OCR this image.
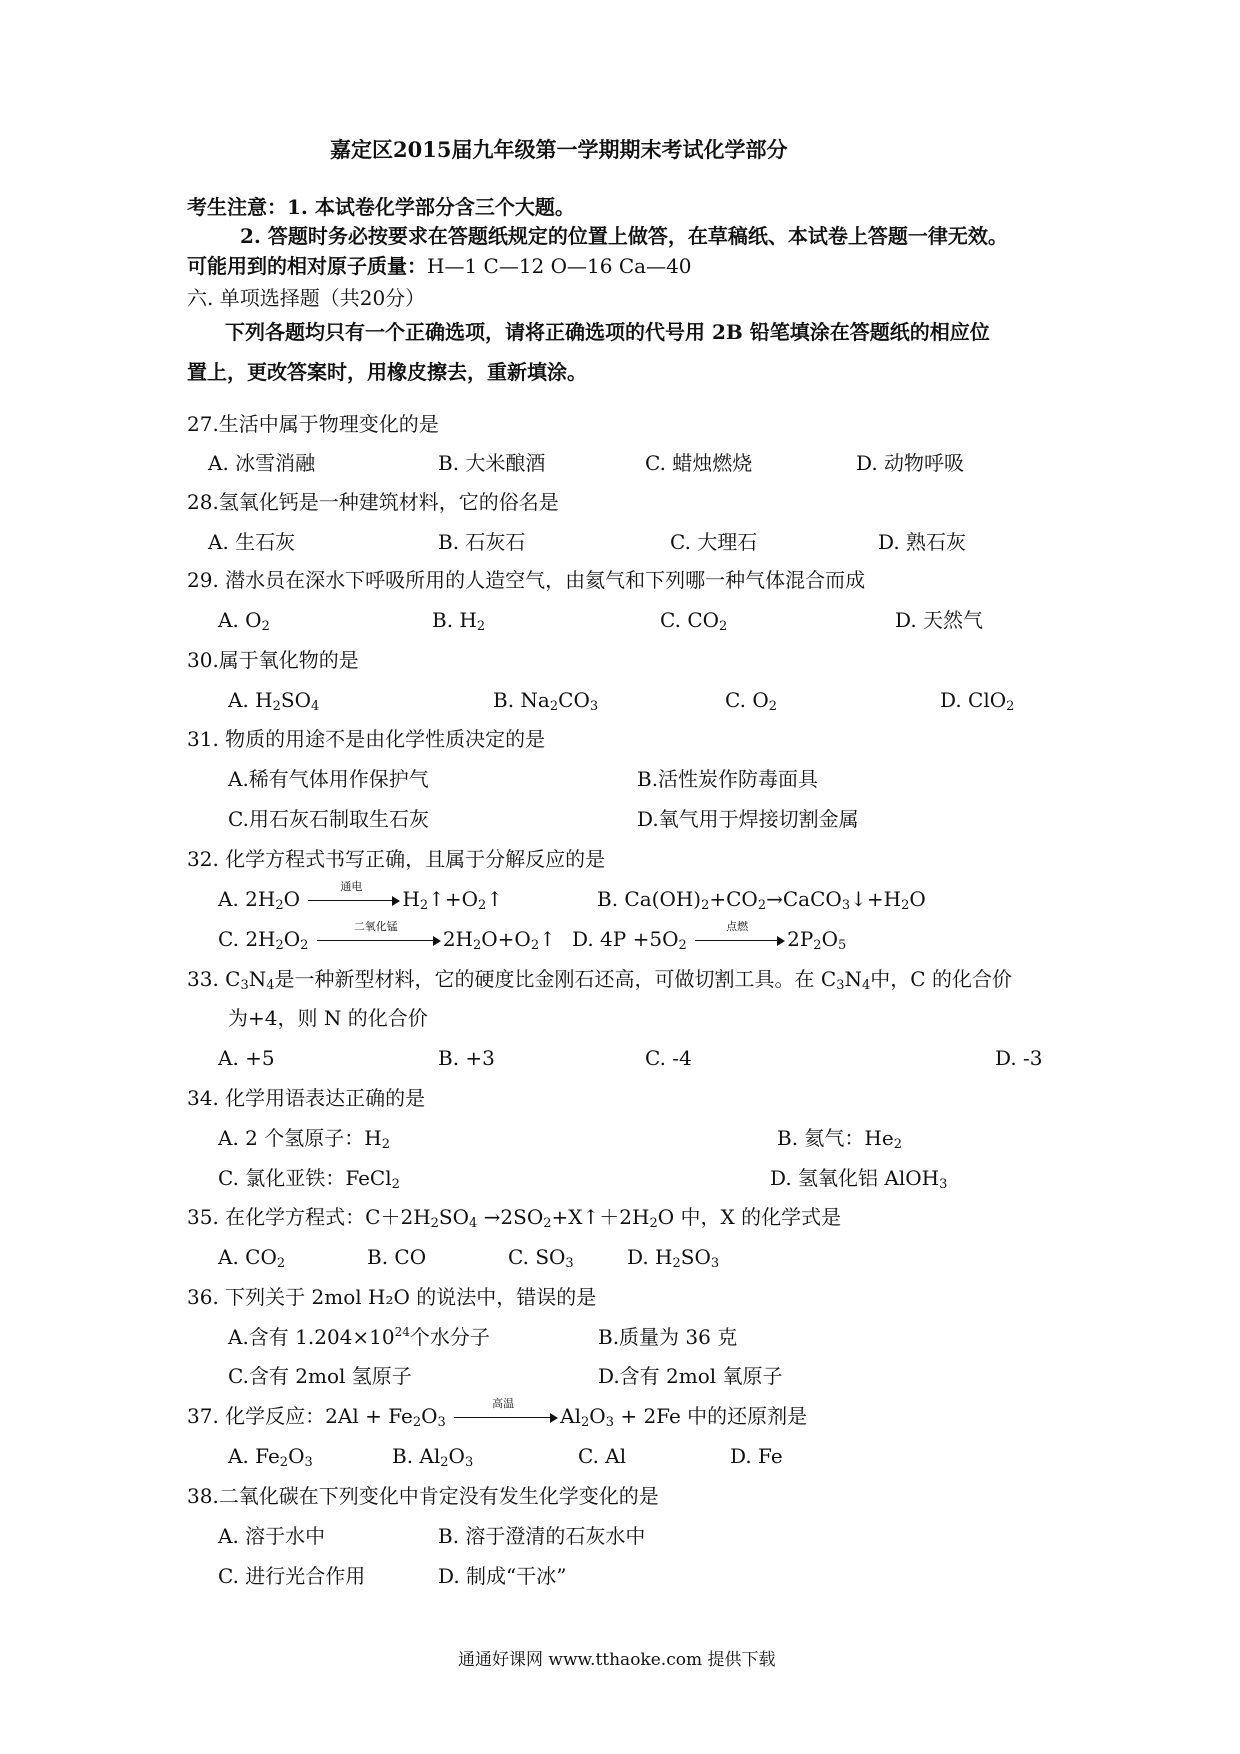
嘉定区2015届九年级第一学期期末考试化学部分
考生注意：1. 本试卷化学部分含三个大题。
2. 答题时务必按要求在答题纸规定的位置上做答，在草稿纸、本试卷上答题一律无效。
可能用到的相对原子质量：H—1 C—12 O—16 Ca—40
六. 单项选择题（共20分）
下列各题均只有一个正确选项，请将正确选项的代号用 2B 铅笔填涂在答题纸的相应位
置上，更改答案时，用橡皮擦去，重新填涂。
27.生活中属于物理变化的是
A. 冰雪消融	B. 大米酿酒	C. 蜡烛燃烧	D. 动物呼吸
28.氢氧化钙是一种建筑材料，它的俗名是
A. 生石灰	B. 石灰石	C. 大理石	D. 熟石灰
29. 潜水员在深水下呼吸所用的人造空气，由氦气和下列哪一种气体混合而成
A. $O_2$	B. $H_2$	C. $CO_2$	D. 天然气
30.属于氧化物的是
A. $H_2SO_4$	B. $Na_2CO_3$	C. $O_2$	D. ClO$_2$
31. 物质的用途不是由化学性质决定的是
A.稀有气体用作保护气	B.活性炭作防毒面具
C.用石灰石制取生石灰	D.氧气用于焊接切割金属
32. 化学方程式书写正确，且属于分解反应的是
A. $2H_2O$
通电
$H_2↑+O_2↑$	B. $Ca(OH)_2+CO_2\to CaCO_3↓+H_2O$
C. $2H_2O_2$
二氧化锰
$2H_2O+O_2↑$ D. $4P +5O_2$
点燃
$2P_2O_5$
33. $C_3N_4$是一种新型材料，它的硬度比金刚石还高，可做切割工具。在 $C_3N_4$中，C 的化合价
为+4，则 N 的化合价
A. +5	B. +3	C. -4	D. -3
34. 化学用语表达正确的是
A. 2 个氢原子：$H_2$	B. 氦气：$He_2$
C. 氯化亚铁：FeCl$_2$	D. 氢氧化铝 AlOH$_3$
35. 在化学方程式：$C+2H_2SO_4$ $\to 2SO_2+X↑+2H_2O$ 中，X 的化学式是
A. $CO_2$	B. CO	C. $SO_3$	D. $H_2SO_3$
36. 下列关于 2mol H₂O 的说法中，错误的是
A.含有 $1.204\times 10^{24}$个水分子	B.质量为 36 克
C.含有 2mol 氢原子	D.含有 2mol 氧原子
37. 化学反应：$2Al + Fe_2O_3$
高温
$Al_2O_3 + 2Fe$ 中的还原剂是
A. $Fe_2O_3$	B. $Al_2O_3$	C. Al	D. Fe
38.二氧化碳在下列变化中肯定没有发生化学变化的是
A. 溶于水中	B. 溶于澄清的石灰水中
C. 进行光合作用	D. 制成“干冰”
通通好课网 www.tthaoke.com 提供下载
